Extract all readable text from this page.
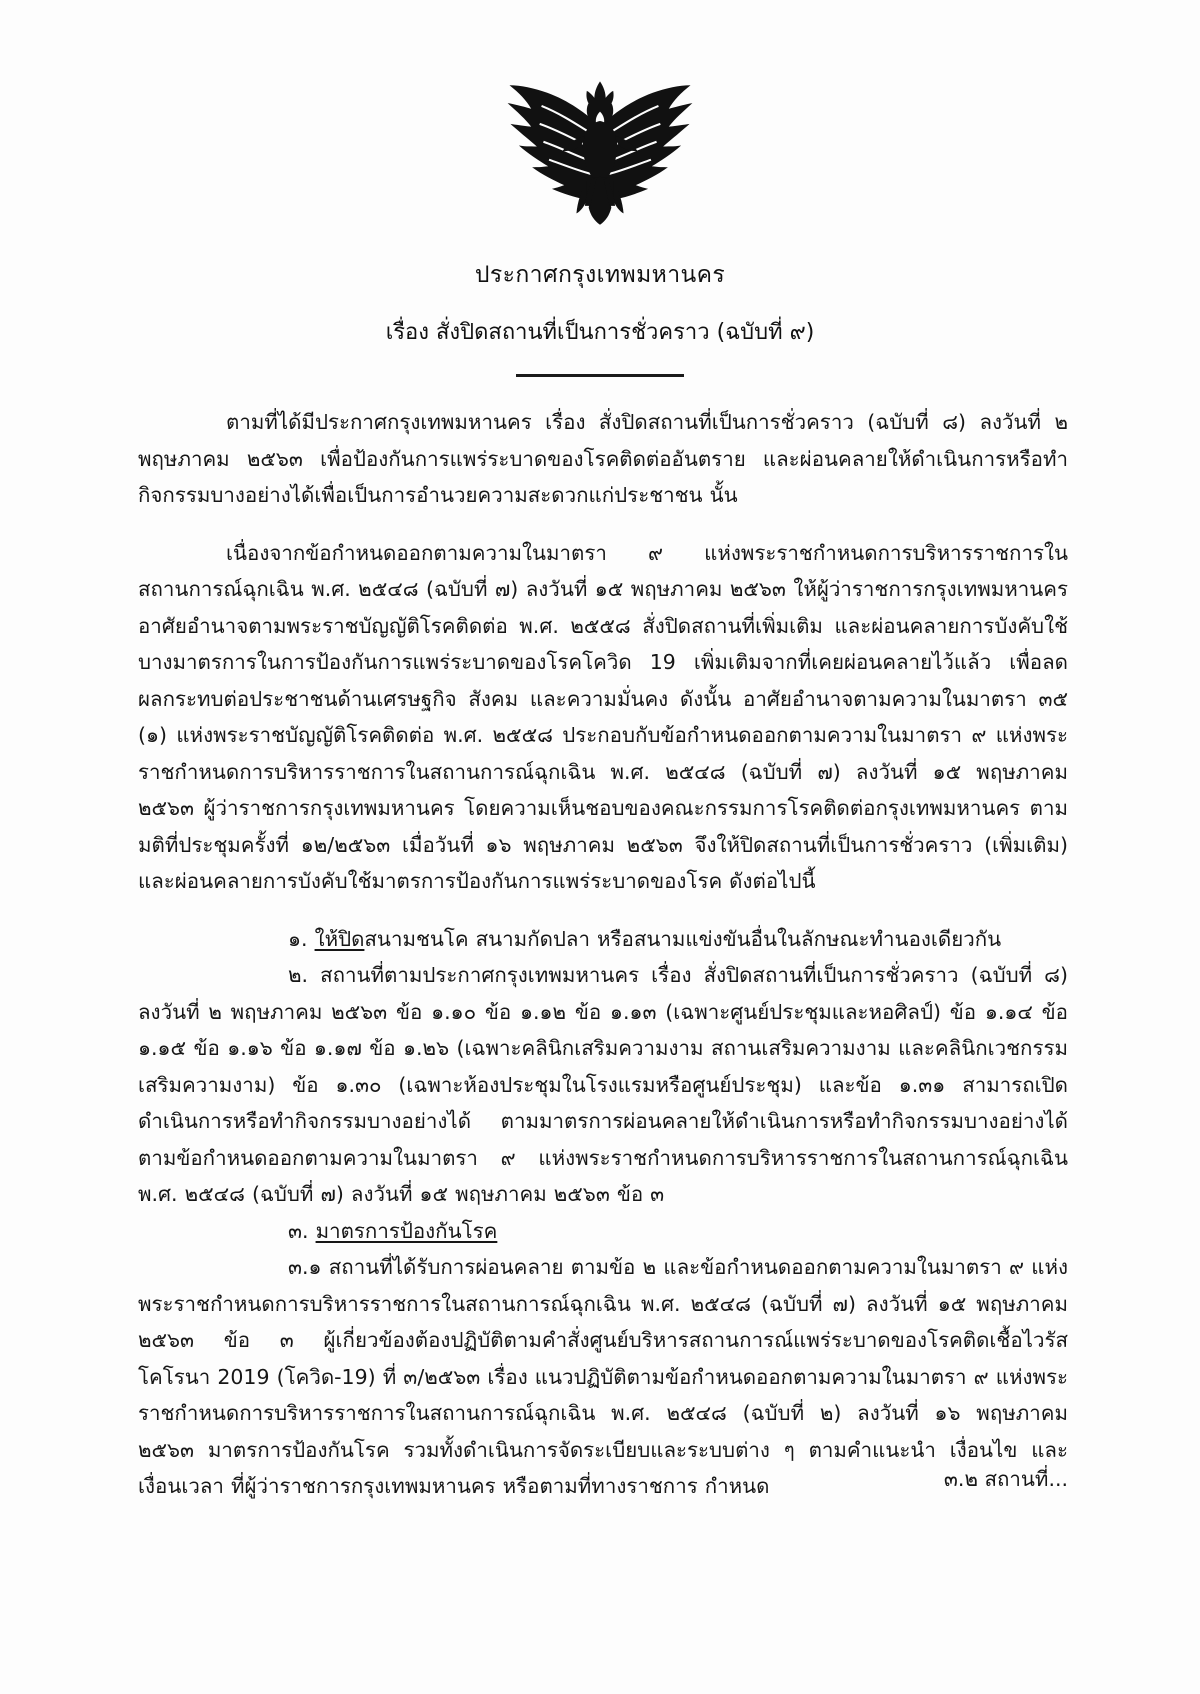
ประกาศกรุงเทพมหานคร
เรื่อง สั่งปิดสถานที่เป็นการชั่วคราว (ฉบับที่ ๙)

ตามที่ได้มีประกาศกรุงเทพมหานคร เรื่อง สั่งปิดสถานที่เป็นการชั่วคราว (ฉบับที่ ๘) ลงวันที่ ๒ พฤษภาคม ๒๕๖๓ เพื่อป้องกันการแพร่ระบาดของโรคติดต่ออันตราย และผ่อนคลายให้ดำเนินการหรือทำกิจกรรมบางอย่างได้เพื่อเป็นการอำนวยความสะดวกแก่ประชาชน นั้น

เนื่องจากข้อกำหนดออกตามความในมาตรา ๙ แห่งพระราชกำหนดการบริหารราชการในสถานการณ์ฉุกเฉิน พ.ศ. ๒๕๔๘ (ฉบับที่ ๗) ลงวันที่ ๑๕ พฤษภาคม ๒๕๖๓ ให้ผู้ว่าราชการกรุงเทพมหานคร อาศัยอำนาจตามพระราชบัญญัติโรคติดต่อ พ.ศ. ๒๕๕๘ สั่งปิดสถานที่เพิ่มเติม และผ่อนคลายการบังคับใช้บางมาตรการในการป้องกันการแพร่ระบาดของโรคโควิด 19 เพิ่มเติมจากที่เคยผ่อนคลายไว้แล้ว เพื่อลดผลกระทบต่อประชาชนด้านเศรษฐกิจ สังคม และความมั่นคง ดังนั้น อาศัยอำนาจตามความในมาตรา ๓๕ (๑) แห่งพระราชบัญญัติโรคติดต่อ พ.ศ. ๒๕๕๘ ประกอบกับข้อกำหนดออกตามความในมาตรา ๙ แห่งพระราชกำหนดการบริหารราชการในสถานการณ์ฉุกเฉิน พ.ศ. ๒๕๔๘ (ฉบับที่ ๗) ลงวันที่ ๑๕ พฤษภาคม ๒๕๖๓ ผู้ว่าราชการกรุงเทพมหานคร โดยความเห็นชอบของคณะกรรมการโรคติดต่อกรุงเทพมหานคร ตามมติที่ประชุมครั้งที่ ๑๒/๒๕๖๓ เมื่อวันที่ ๑๖ พฤษภาคม ๒๕๖๓ จึงให้ปิดสถานที่เป็นการชั่วคราว (เพิ่มเติม) และผ่อนคลายการบังคับใช้มาตรการป้องกันการแพร่ระบาดของโรค ดังต่อไปนี้

๑. ให้ปิดสนามชนโค สนามกัดปลา หรือสนามแข่งขันอื่นในลักษณะทำนองเดียวกัน

๒. สถานที่ตามประกาศกรุงเทพมหานคร เรื่อง สั่งปิดสถานที่เป็นการชั่วคราว (ฉบับที่ ๘) ลงวันที่ ๒ พฤษภาคม ๒๕๖๓ ข้อ ๑.๑๐ ข้อ ๑.๑๒ ข้อ ๑.๑๓ (เฉพาะศูนย์ประชุมและหอศิลป์) ข้อ ๑.๑๔ ข้อ ๑.๑๕ ข้อ ๑.๑๖ ข้อ ๑.๑๗ ข้อ ๑.๒๖ (เฉพาะคลินิกเสริมความงาม สถานเสริมความงาม และคลินิกเวชกรรมเสริมความงาม) ข้อ ๑.๓๐ (เฉพาะห้องประชุมในโรงแรมหรือศูนย์ประชุม) และข้อ ๑.๓๑ สามารถเปิดดำเนินการหรือทำกิจกรรมบางอย่างได้ ตามมาตรการผ่อนคลายให้ดำเนินการหรือทำกิจกรรมบางอย่างได้ ตามข้อกำหนดออกตามความในมาตรา ๙ แห่งพระราชกำหนดการบริหารราชการในสถานการณ์ฉุกเฉิน พ.ศ. ๒๕๔๘ (ฉบับที่ ๗) ลงวันที่ ๑๕ พฤษภาคม ๒๕๖๓ ข้อ ๓

๓. มาตรการป้องกันโรค

๓.๑ สถานที่ได้รับการผ่อนคลาย ตามข้อ ๒ และข้อกำหนดออกตามความในมาตรา ๙ แห่งพระราชกำหนดการบริหารราชการในสถานการณ์ฉุกเฉิน พ.ศ. ๒๕๔๘ (ฉบับที่ ๗) ลงวันที่ ๑๕ พฤษภาคม ๒๕๖๓ ข้อ ๓ ผู้เกี่ยวข้องต้องปฏิบัติตามคำสั่งศูนย์บริหารสถานการณ์แพร่ระบาดของโรคติดเชื้อไวรัสโคโรนา 2019 (โควิด-19) ที่ ๓/๒๕๖๓ เรื่อง แนวปฏิบัติตามข้อกำหนดออกตามความในมาตรา ๙ แห่งพระราชกำหนดการบริหารราชการในสถานการณ์ฉุกเฉิน พ.ศ. ๒๕๔๘ (ฉบับที่ ๒) ลงวันที่ ๑๖ พฤษภาคม ๒๕๖๓ มาตรการป้องกันโรค รวมทั้งดำเนินการจัดระเบียบและระบบต่าง ๆ ตามคำแนะนำ เงื่อนไข และเงื่อนเวลา ที่ผู้ว่าราชการกรุงเทพมหานคร หรือตามที่ทางราชการ กำหนด	๓.๒ สถานที่...
